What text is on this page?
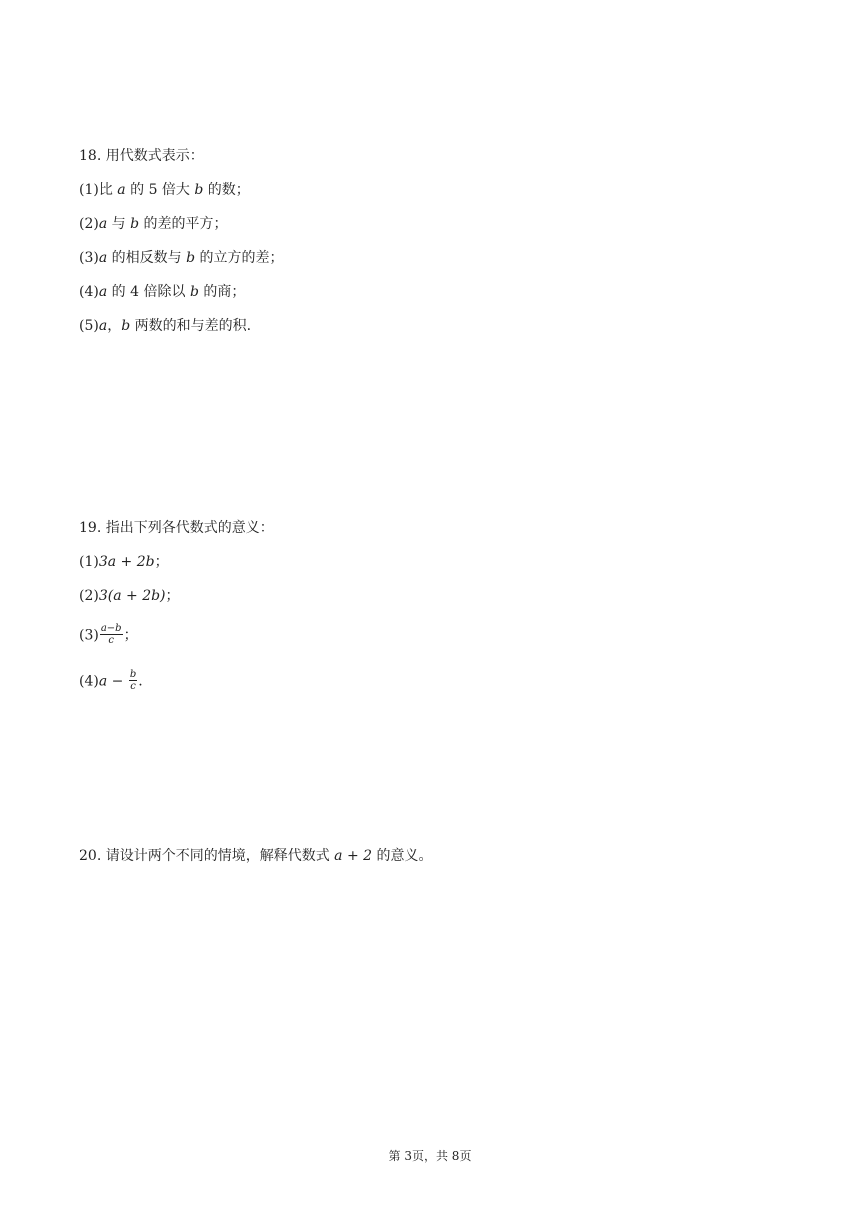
18. 用代数式表示：
(1)比 a 的 5 倍大 b 的数；
(2)a 与 b 的差的平方；
(3)a 的相反数与 b 的立方的差；
(4)a 的 4 倍除以 b 的商；
(5)a，b 两数的和与差的积.
19. 指出下列各代数式的意义：
(1)3a + 2b；
(2)3(a + 2b)；
$(3) \frac{a-b}{c}$ ；
$(4)a - \frac{b}{c}$ .
20. 请设计两个不同的情境，解释代数式 a + 2 的意义。
第 3页，共 8页
